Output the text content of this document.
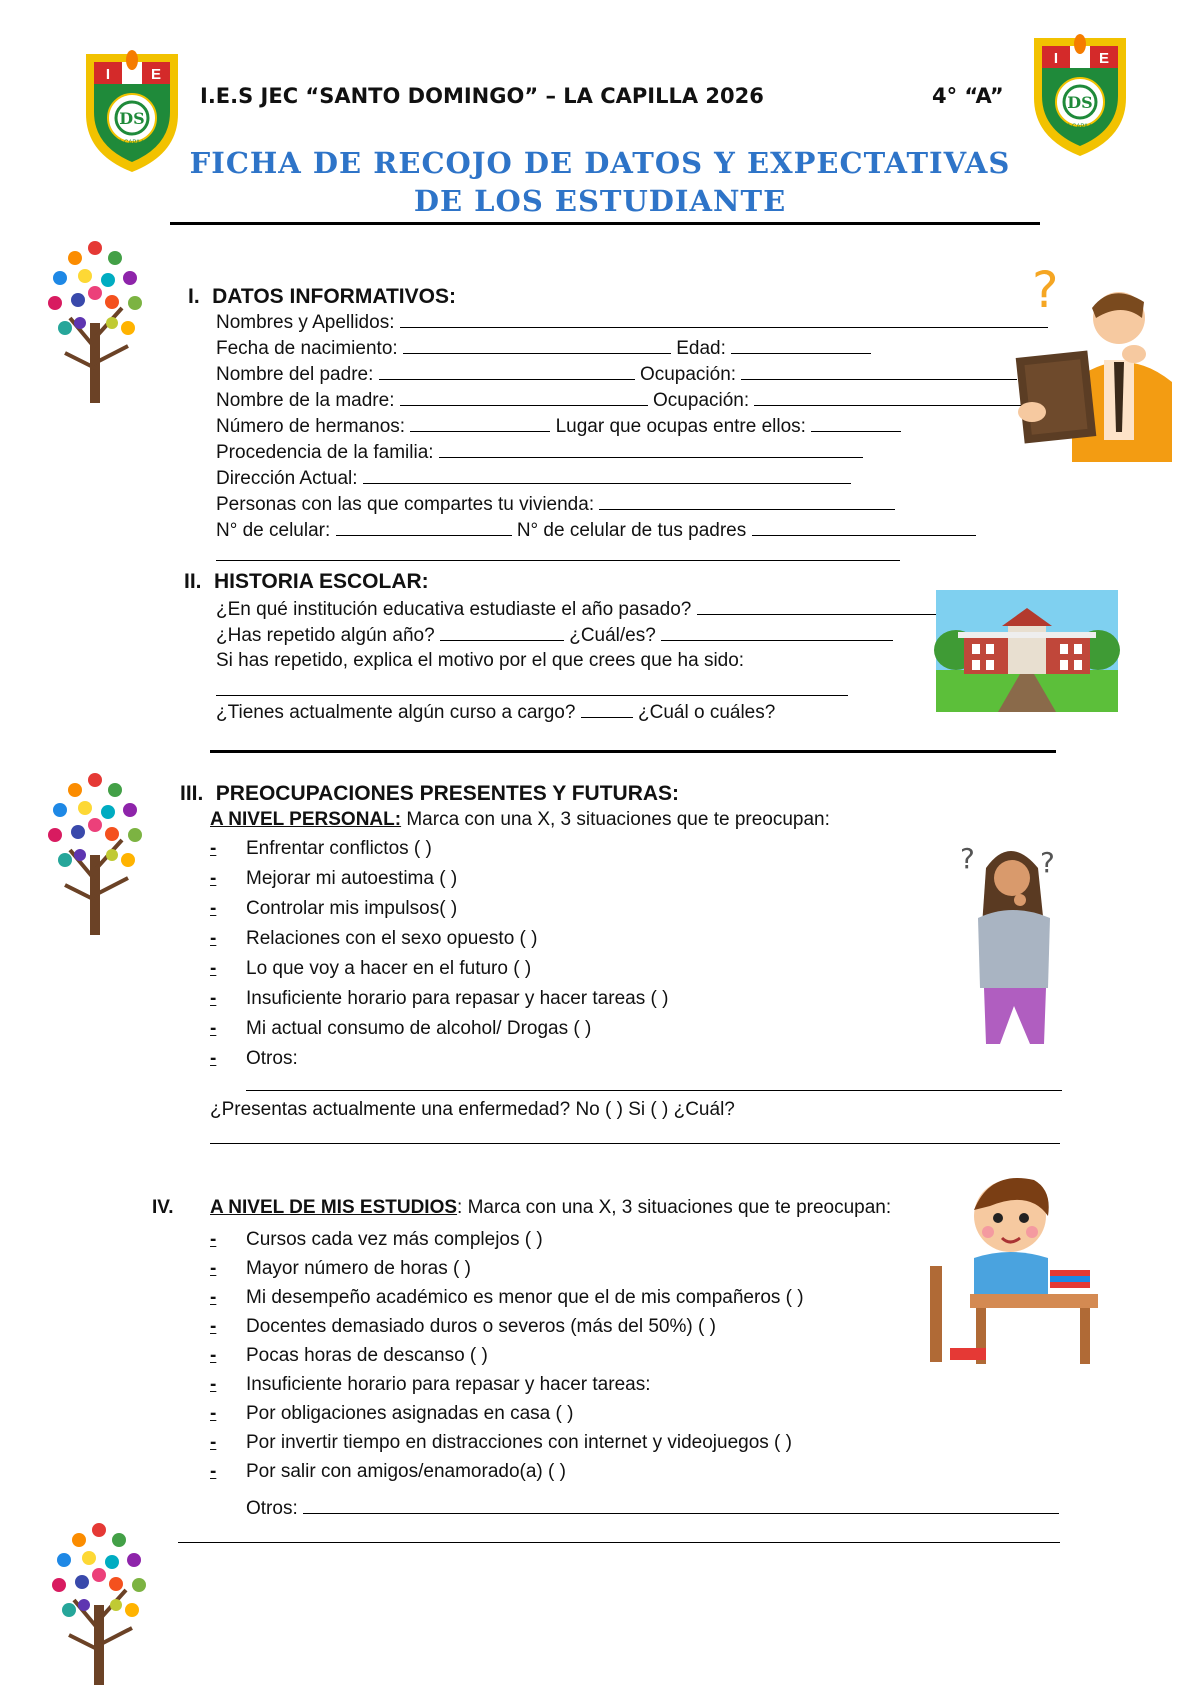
I	E
DS
LA CAPILLA
I	E
DS
LA CAPILLA
I.E.S JEC “SANTO DOMINGO” – LA CAPILLA 2026	4° “A”
FICHA DE RECOJO DE DATOS Y EXPECTATIVAS
DE LOS ESTUDIANTE
I. DATOS INFORMATIVOS:
Nombres y Apellidos:
Fecha de nacimiento:	Edad:
Nombre del padre:	Ocupación:
Nombre de la madre:	Ocupación:
Número de hermanos:	Lugar que ocupas entre ellos:
Procedencia de la familia:
Dirección Actual:
Personas con las que compartes tu vivienda:
N° de celular:	N° de celular de tus padres
?
II. HISTORIA ESCOLAR:
¿En qué institución educativa estudiaste el año pasado?
¿Has repetido algún año?	¿Cuál/es?
Si has repetido, explica el motivo por el que crees que ha sido:
¿Tienes actualmente algún curso a cargo?	¿Cuál o cuáles?
III. PREOCUPACIONES PRESENTES Y FUTURAS:
A NIVEL PERSONAL: Marca con una X, 3 situaciones que te preocupan:
- Enfrentar conflictos ( )
- Mejorar mi autoestima ( )
- Controlar mis impulsos( )
- Relaciones con el sexo opuesto ( )
- Lo que voy a hacer en el futuro ( )
- Insuficiente horario para repasar y hacer tareas ( )
- Mi actual consumo de alcohol/ Drogas ( )
- Otros:
¿Presentas actualmente una enfermedad? No ( ) Si ( ) ¿Cuál?
? ?
IV. A NIVEL DE MIS ESTUDIOS: Marca con una X, 3 situaciones que te preocupan:
- Cursos cada vez más complejos ( )
- Mayor número de horas ( )
- Mi desempeño académico es menor que el de mis compañeros ( )
- Docentes demasiado duros o severos (más del 50%) ( )
- Pocas horas de descanso ( )
- Insuficiente horario para repasar y hacer tareas:
- Por obligaciones asignadas en casa ( )
- Por invertir tiempo en distracciones con internet y videojuegos ( )
- Por salir con amigos/enamorado(a) ( )
Otros:
